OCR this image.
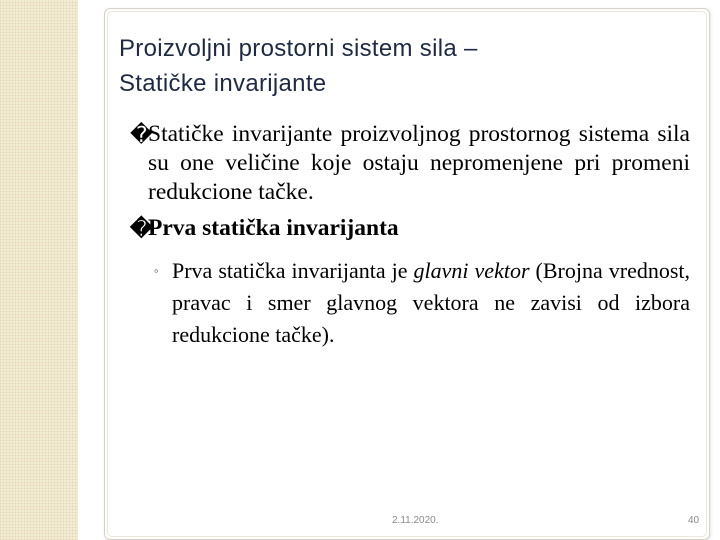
Proizvoljni prostorni sistem sila –
Statičke invarijante
�
Statičke invarijante proizvoljnog prostornog sistema sila su one veličine koje ostaju nepromenjene pri promeni redukcione tačke.
�
Prva statička invarijanta
◦ Prva statička invarijanta je glavni vektor (Brojna vrednost, pravac i smer glavnog vektora ne zavisi od izbora redukcione tačke).
2.11.2020.	40
